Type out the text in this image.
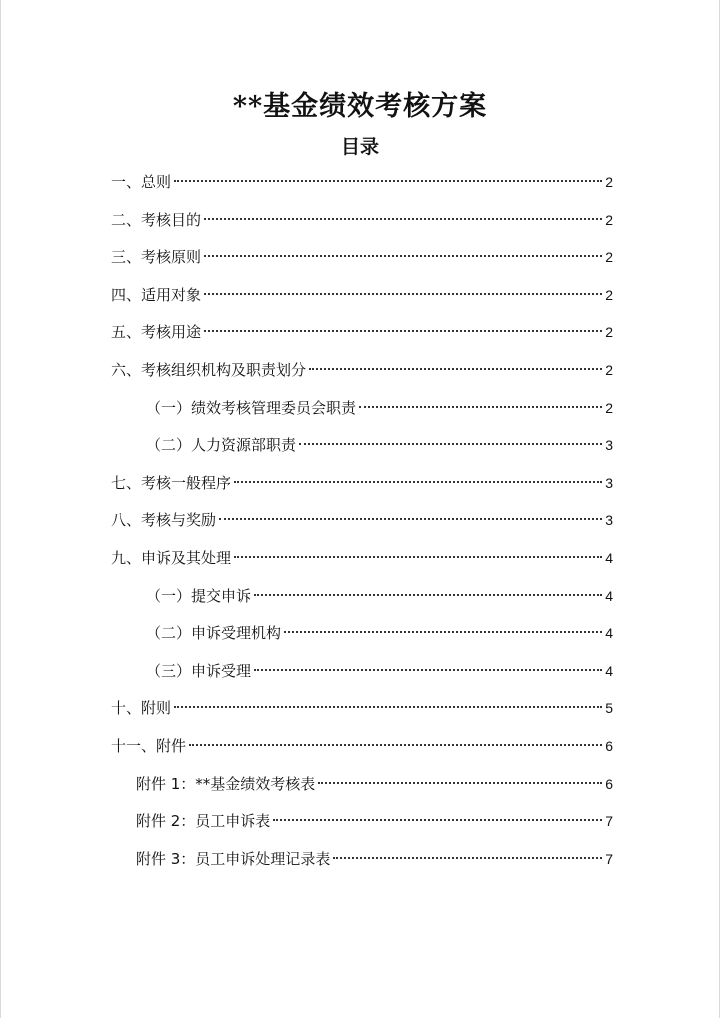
**基金绩效考核方案
目录
一、总则	2
二、考核目的	2
三、考核原则	2
四、适用对象	2
五、考核用途	2
六、考核组织机构及职责划分	2
（一）绩效考核管理委员会职责	2
（二）人力资源部职责	3
七、考核一般程序	3
八、考核与奖励	3
九、申诉及其处理	4
（一）提交申诉	4
（二）申诉受理机构	4
（三）申诉受理	4
十、附则	5
十一、附件	6
附件 1：**基金绩效考核表	6
附件 2：员工申诉表	7
附件 3：员工申诉处理记录表	7
